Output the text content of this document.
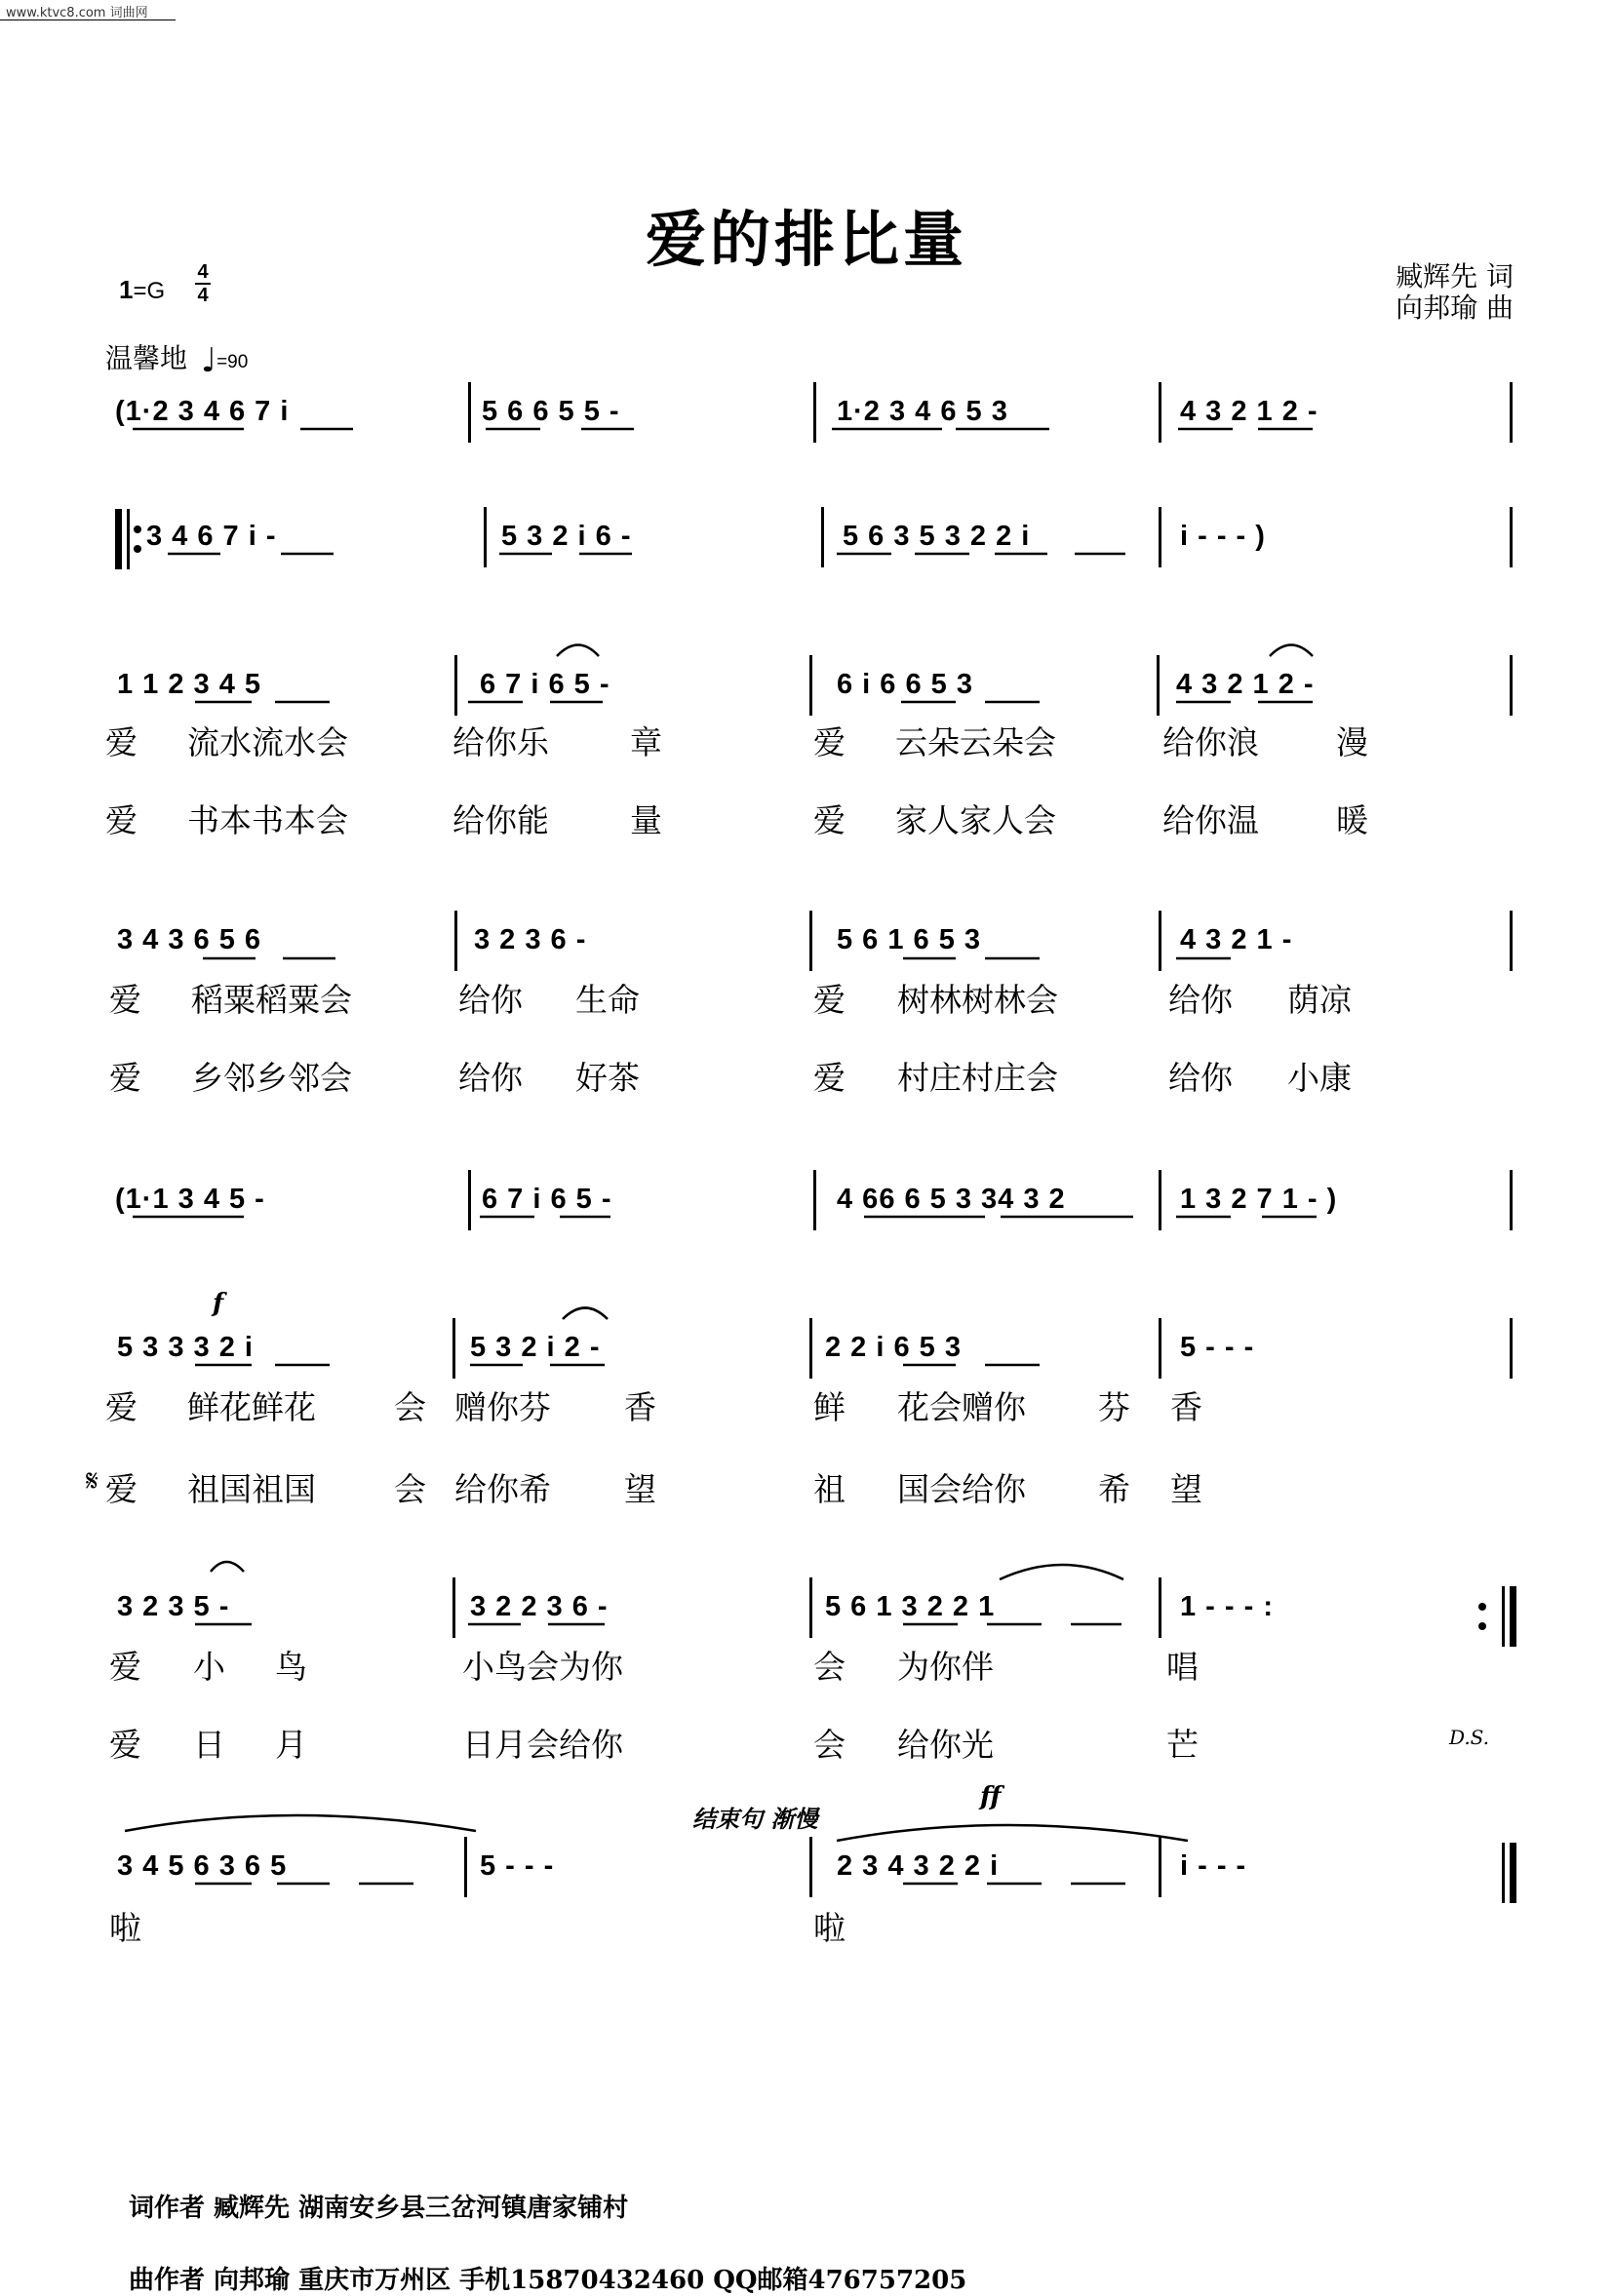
www.ktvc8.com 词曲网
爱的排比量
臧辉先 词
向邦瑜 曲
1=G
4
4
温馨地 ♩=90
(1·2 3 4 6 7 i	5 6 6 5 5 -	1·2 3 4 6 5 3	4 3 2 1 2 -
3 4 6 7 i -	5 3 2 i 6 -	5 6 3 5 3 2 2 i	i - - - )
1 1 2 3 4 5	6 7 i 6 5 -	6 i 6 6 5 3	4 3 2 1 2 -
3 4 3 6 5 6	3 2 3 6 -	5 6 1 6 5 3	4 3 2 1 -
(1·1 3 4 5 -	6 7 i 6 5 -	4 66 6 5 3 34 3 2	1 3 2 7 1 - )
5 3 3 3 2 i	5 3 2 i 2 -	2 2 i 6 5 3	5 - - -
3 2 3 5 -	3 2 2 3 6 -	5 6 1 3 2 2 1	1 - - - :
3 4 5 6 3 6 5	5 - - -	2 3 4 3 2 2 i	i - - -
爱 流水流水会	给你乐	章	爱 云朵云朵会	给你浪 漫
爱 书本书本会	给你能	量	爱 家人家人会	给你温 暖
爱 稻粟稻粟会	给你 生命	爱 树林树林会	给你 荫凉
爱 乡邻乡邻会	给你 好茶	爱 村庄村庄会	给你 小康
爱 鲜花鲜花 会 赠你芬 香	鲜 花会赠你 芬 香
爱 祖国祖国 会 给你希 望	祖 国会给你 希 望
爱 小 鸟	小鸟会为你	会 为你伴	唱
爱 日 月	日月会给你	会 给你光	芒
啦	啦
f
ff
结束句 渐慢
D.S.
𝄋
词作者 臧辉先 湖南安乡县三岔河镇唐家铺村
曲作者 向邦瑜 重庆市万州区 手机15870432460 QQ邮箱476757205
